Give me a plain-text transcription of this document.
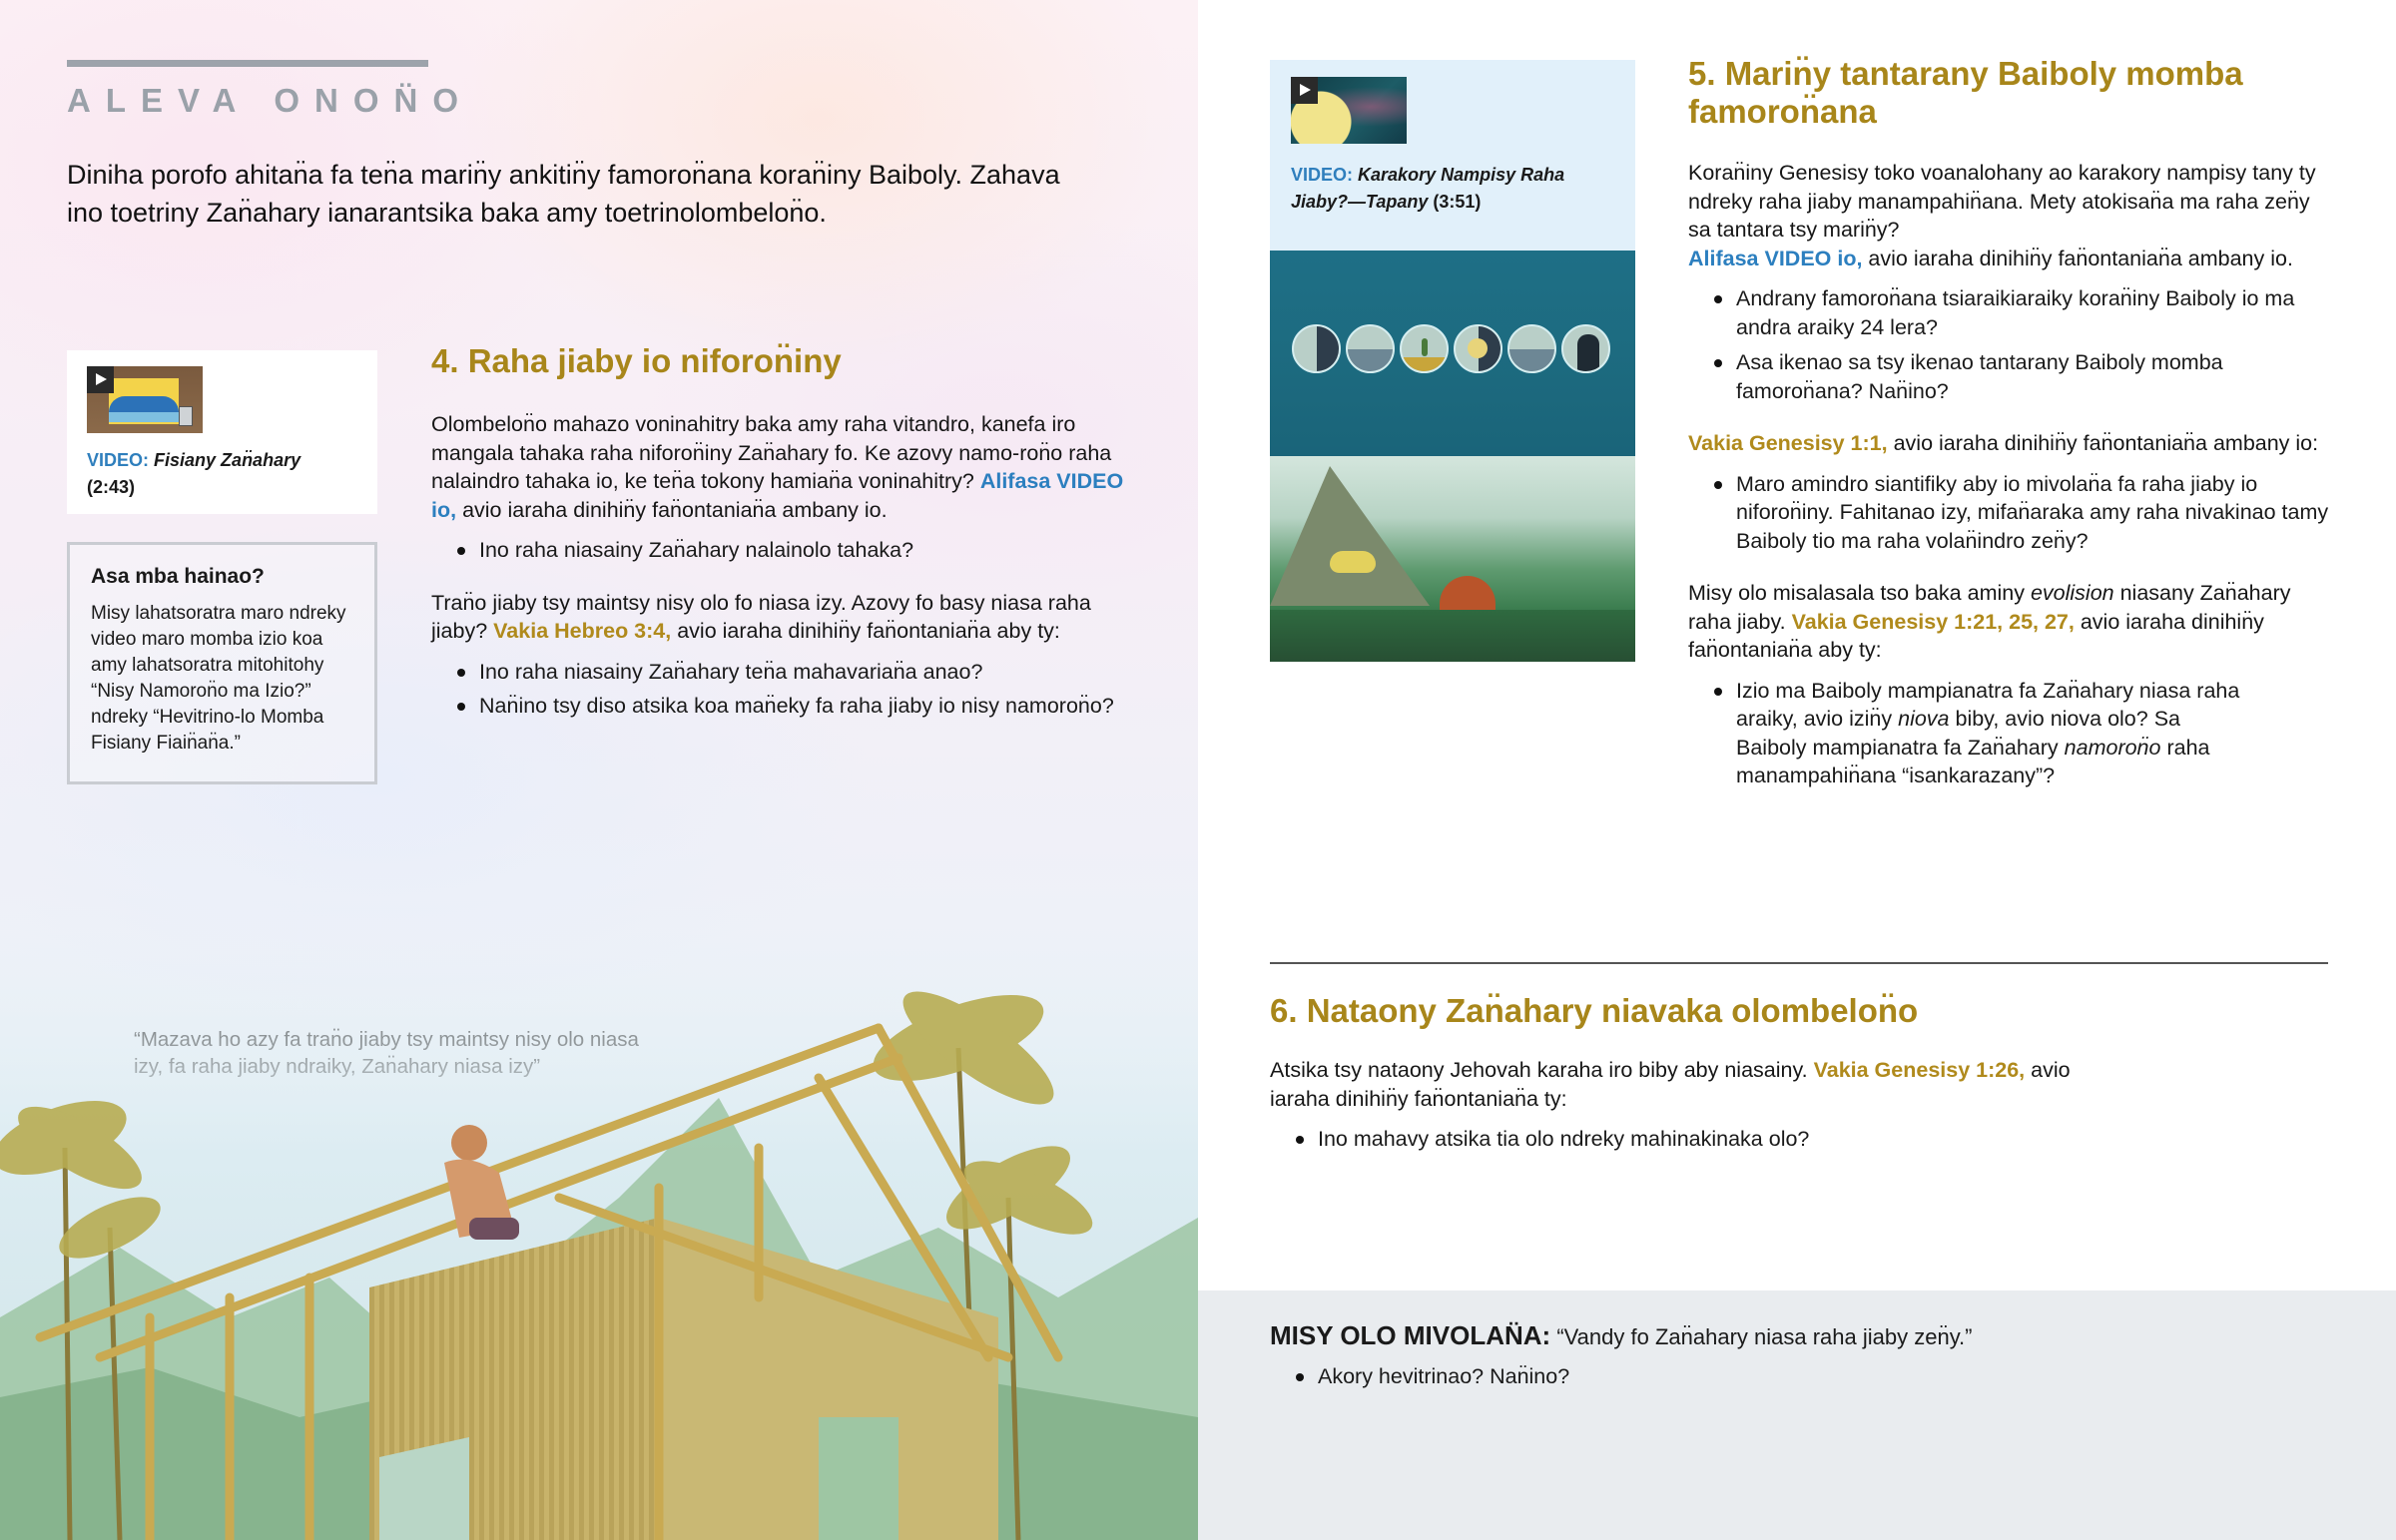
ALEVA ONON̈O
Diniha porofo ahitan̈a fa ten̈a marin̈y ankitin̈y famoron̈ana koran̈iny Baiboly. Zahava ino toetriny Zan̈ahary ianarantsika baka amy toetrinolombelon̈o.
VIDEO: Fisiany Zan̈ahary
(2:43)
Asa mba hainao?
Misy lahatsoratra maro ndreky video maro momba izio koa amy lahatsoratra mitohitohy “Nisy Namoron̈o ma Izio?” ndreky “Hevitrino-lo Momba Fisiany Fiain̈an̈a.”
4. Raha jiaby io niforon̈iny
Olombelon̈o mahazo voninahitry baka amy raha vitandro, kanefa iro mangala tahaka raha niforon̈iny Zan̈ahary fo. Ke azovy namo-ron̈o raha nalaindro tahaka io, ke ten̈a tokony hamian̈a voninahitry? Alifasa VIDEO io, avio iaraha dinihin̈y fan̈ontanian̈a ambany io.
Ino raha niasainy Zan̈ahary nalainolo tahaka?
Tran̈o jiaby tsy maintsy nisy olo fo niasa izy. Azovy fo basy niasa raha jiaby? Vakia Hebreo 3:4, avio iaraha dinihin̈y fan̈ontanian̈a aby ty:
Ino raha niasainy Zan̈ahary ten̈a mahavarian̈a anao?
Nan̈ino tsy diso atsika koa man̈eky fa raha jiaby io nisy namoron̈o?
VIDEO: Karakory Nampisy Raha Jiaby?—Tapany (3:51)
5. Marin̈y tantarany Baiboly momba famoron̈ana
Koran̈iny Genesisy toko voanalohany ao karakory nampisy tany ty ndreky raha jiaby manampahin̈ana. Mety atokisan̈a ma raha zen̈y sa tantara tsy marin̈y?
Alifasa VIDEO io, avio iaraha dinihin̈y fan̈ontanian̈a ambany io.
Andrany famoron̈ana tsiaraikiaraiky koran̈iny Baiboly io ma andra araiky 24 lera?
Asa ikenao sa tsy ikenao tantarany Baiboly momba famoron̈ana? Nan̈ino?
Vakia Genesisy 1:1, avio iaraha dinihin̈y fan̈ontanian̈a ambany io:
Maro amindro siantifiky aby io mivolan̈a fa raha jiaby io niforon̈iny. Fahitanao izy, mifan̈araka amy raha nivakinao tamy Baiboly tio ma raha volan̈indro zen̈y?
Misy olo misalasala tso baka aminy evolision niasany Zan̈ahary raha jiaby. Vakia Genesisy 1:21, 25, 27, avio iaraha dinihin̈y fan̈ontanian̈a aby ty:
Izio ma Baiboly mampianatra fa Zan̈ahary niasa raha araiky, avio izin̈y niova biby, avio niova olo? Sa Baiboly mampianatra fa Zan̈ahary namoron̈o raha manampahin̈ana “isankarazany”?
6. Nataony Zan̈ahary niavaka olombelon̈o
Atsika tsy nataony Jehovah karaha iro biby aby niasainy. Vakia Genesisy 1:26, avio iaraha dinihin̈y fan̈ontanian̈a ty:
Ino mahavy atsika tia olo ndreky mahinakinaka olo?
MISY OLO MIVOLAN̈A: “Vandy fo Zan̈ahary niasa raha jiaby zen̈y.”
Akory hevitrinao? Nan̈ino?
